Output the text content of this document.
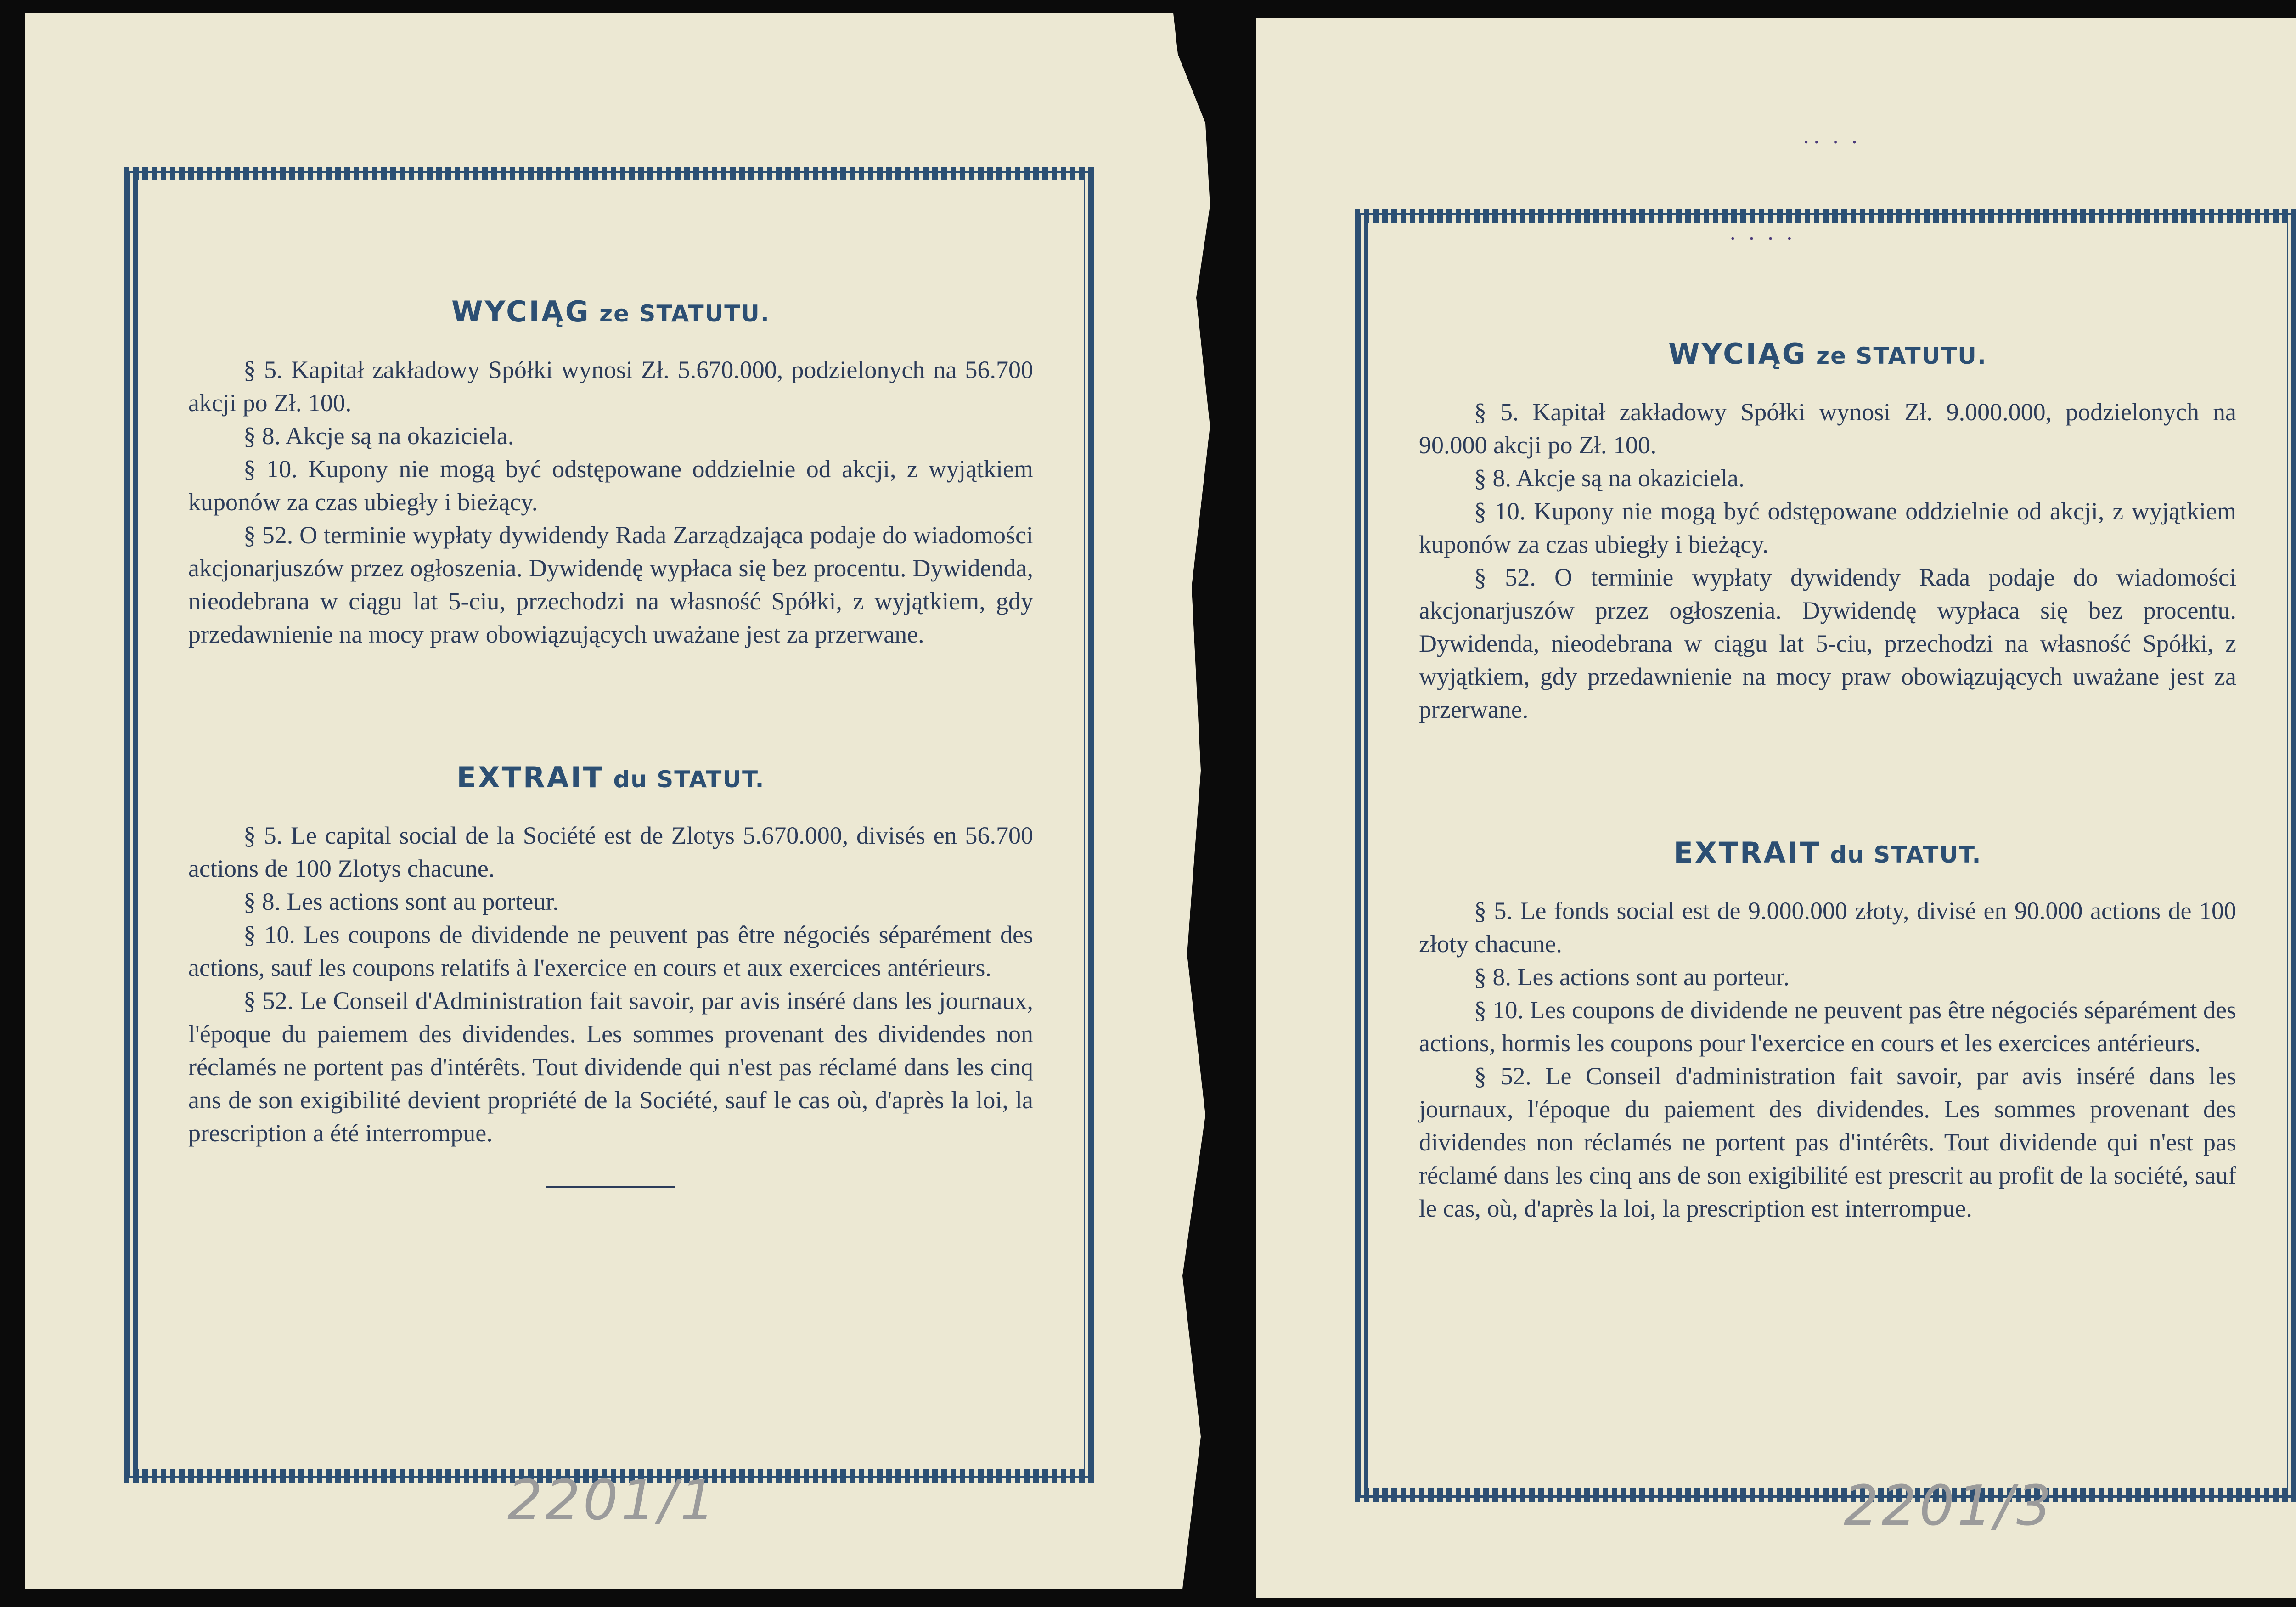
WYCIĄG ze STATUTU.

§ 5. Kapitał zakładowy Spółki wynosi Zł. 5.670.000, podzielonych na 56.700 akcji po Zł. 100.

§ 8. Akcje są na okaziciela.

§ 10. Kupony nie mogą być odstępowane oddzielnie od akcji, z wyjątkiem kuponów za czas ubiegły i bieżący.

§ 52. O terminie wypłaty dywidendy Rada Zarządzająca podaje do wiadomości akcjonarjuszów przez ogłoszenia. Dywidendę wypłaca się bez procentu. Dywidenda, nieodebrana w ciągu lat 5-ciu, przechodzi na własność Spółki, z wyjątkiem, gdy przedawnienie na mocy praw obowiązujących uważane jest za przerwane.

EXTRAIT du STATUT.

§ 5. Le capital social de la Société est de Zlotys 5.670.000, divisés en 56.700 actions de 100 Zlotys chacune.

§ 8. Les actions sont au porteur.

§ 10. Les coupons de dividende ne peuvent pas être négociés séparément des actions, sauf les coupons relatifs à l'exercice en cours et aux exercices antérieurs.

§ 52. Le Conseil d'Administration fait savoir, par avis inséré dans les journaux, l'époque du paiemem des dividendes. Les sommes provenant des dividendes non réclamés ne portent pas d'intérêts. Tout dividende qui n'est pas réclamé dans les cinq ans de son exigibilité devient propriété de la Société, sauf le cas où, d'après la loi, la prescription a été interrompue.

2201/1
·· · ·
· · · ·
WYCIĄG ze STATUTU.

§ 5. Kapitał zakładowy Spółki wynosi Zł. 9.000.000, podzielonych na 90.000 akcji po Zł. 100.

§ 8. Akcje są na okaziciela.

§ 10. Kupony nie mogą być odstępowane oddzielnie od akcji, z wyjątkiem kuponów za czas ubiegły i bieżący.

§ 52. O terminie wypłaty dywidendy Rada podaje do wiadomości akcjonarjuszów przez ogłoszenia. Dywidendę wypłaca się bez procentu. Dywidenda, nieodebrana w ciągu lat 5-ciu, przechodzi na własność Spółki, z wyjątkiem, gdy przedawnienie na mocy praw obowiązujących uważane jest za przerwane.

EXTRAIT du STATUT.

§ 5. Le fonds social est de 9.000.000 złoty, divisé en 90.000 actions de 100 złoty chacune.

§ 8. Les actions sont au porteur.

§ 10. Les coupons de dividende ne peuvent pas être négociés séparément des actions, hormis les coupons pour l'exercice en cours et les exercices antérieurs.

§ 52. Le Conseil d'administration fait savoir, par avis inséré dans les journaux, l'époque du paiement des dividendes. Les sommes provenant des dividendes non réclamés ne portent pas d'intérêts. Tout dividende qui n'est pas réclamé dans les cinq ans de son exigibilité est prescrit au profit de la société, sauf le cas, où, d'après la loi, la prescription est interrompue.

2201/3
